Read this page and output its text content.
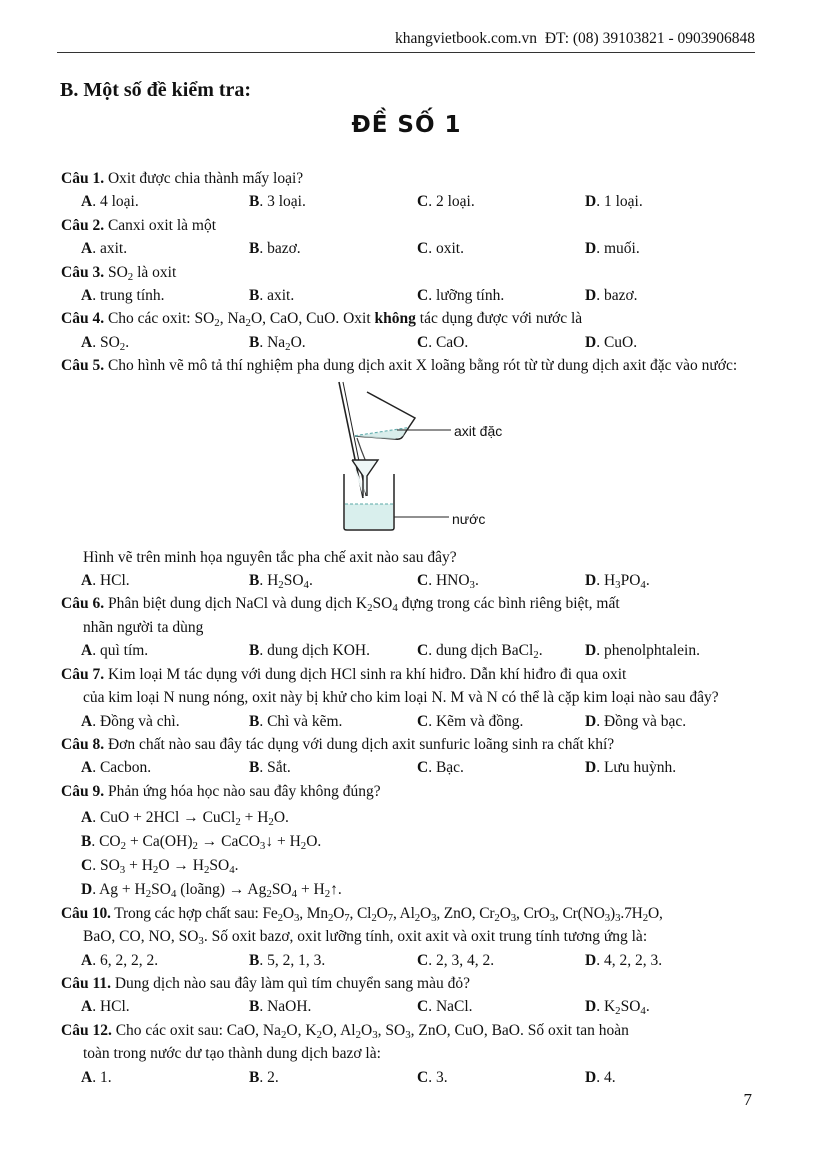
khangvietbook.com.vn ĐT: (08) 39103821 - 0903906848
B. Một số đề kiểm tra:
ĐỀ SỐ 1
Câu 1. Oxit được chia thành mấy loại?
A. 4 loại.	B. 3 loại.	C. 2 loại.	D. 1 loại.
Câu 2. Canxi oxit là một
A. axit.	B. bazơ.	C. oxit.	D. muối.
Câu 3. $SO_2$ là oxit
A. trung tính.	B. axit.	C. lưỡng tính.	D. bazơ.
Câu 4. Cho các oxit: $SO_2$, $Na_2O$, CaO, CuO. Oxit không tác dụng được với nước là
A. $SO_2$.	B. $Na_2O$.	C. CaO.	D. CuO.
Câu 5. Cho hình vẽ mô tả thí nghiệm pha dung dịch axit X loãng bằng rót từ từ dung dịch axit đặc vào nước:
axit đặc
nước
Hình vẽ trên minh họa nguyên tắc pha chế axit nào sau đây?
A. HCl.	B. $H_2SO_4$.	C. $HNO_3$.	D. $H_3PO_4$.
Câu 6. Phân biệt dung dịch NaCl và dung dịch $K_2SO_4$ đựng trong các bình riêng biệt, mất
nhãn người ta dùng
A. quì tím.	B. dung dịch KOH.	C. dung dịch BaCl$_2$.	D. phenolphtalein.
Câu 7. Kim loại M tác dụng với dung dịch HCl sinh ra khí hiđro. Dẫn khí hiđro đi qua oxit
của kim loại N nung nóng, oxit này bị khử cho kim loại N. M và N có thể là cặp kim loại nào sau đây?
A. Đồng và chì.	B. Chì và kẽm.	C. Kẽm và đồng.	D. Đồng và bạc.
Câu 8. Đơn chất nào sau đây tác dụng với dung dịch axit sunfuric loãng sinh ra chất khí?
A. Cacbon.	B. Sắt.	C. Bạc.	D. Lưu huỳnh.
Câu 9. Phản ứng hóa học nào sau đây không đúng?
A. CuO + 2HCl → CuCl$_2$ + $H_2O$.
B. $CO_2 + Ca(OH)_2$ → CaCO$_3$↓ + $H_2O$.
C. $SO_3 + H_2O \to H_2SO_4$.
D. $Ag + H_2SO_4$ (loãng) → $Ag_2SO_4$ + $H_2↑$.
Câu 10. Trong các hợp chất sau: $Fe_2O_3$, $Mn_2O_7$, $Cl_2O_7$, $Al_2O_3$, ZnO, $Cr_2O_3$, CrO$_3$, $Cr(NO_3)_3.7H_2O$,
BaO, CO, NO, $SO_3$. Số oxit bazơ, oxit lưỡng tính, oxit axit và oxit trung tính tương ứng là:
A. 6, 2, 2, 2.	B. 5, 2, 1, 3.	C. 2, 3, 4, 2.	D. 4, 2, 2, 3.
Câu 11. Dung dịch nào sau đây làm quì tím chuyển sang màu đỏ?
A. HCl.	B. NaOH.	C. NaCl.	D. $K_2SO_4$.
Câu 12. Cho các oxit sau: CaO, $Na_2O$, $K_2O$, $Al_2O_3$, $SO_3$, ZnO, CuO, BaO. Số oxit tan hoàn
toàn trong nước dư tạo thành dung dịch bazơ là:
A. 1.	B. 2.	C. 3.	D. 4.
7
